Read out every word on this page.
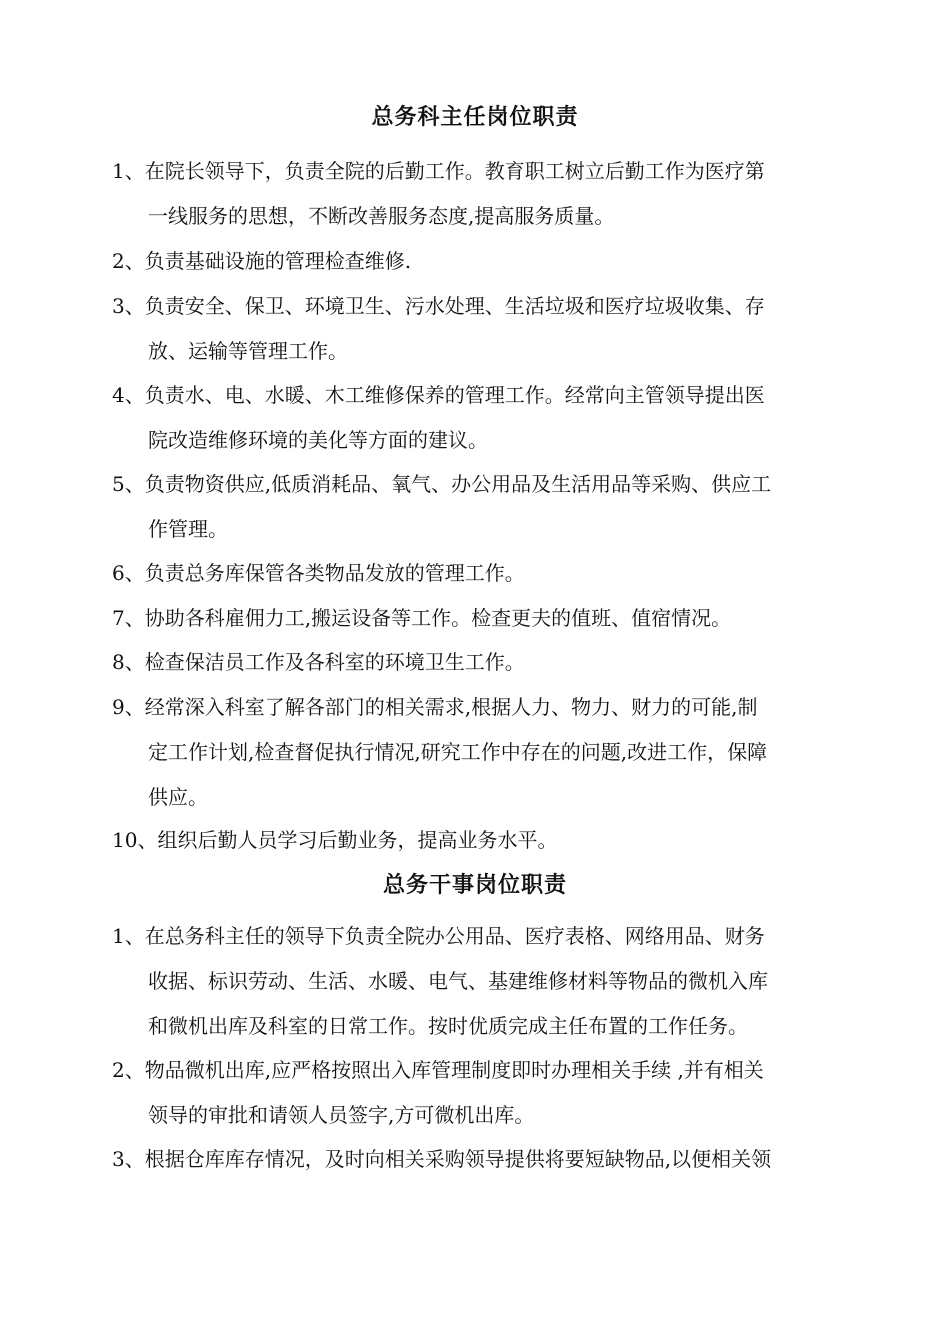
总务科主任岗位职责
1、在院长领导下，负责全院的后勤工作。教育职工树立后勤工作为医疗第
一线服务的思想，不断改善服务态度,提高服务质量。
2、负责基础设施的管理检查维修.
3、负责安全、保卫、环境卫生、污水处理、生活垃圾和医疗垃圾收集、存
放、运输等管理工作。
4、负责水、电、水暖、木工维修保养的管理工作。经常向主管领导提出医
院改造维修环境的美化等方面的建议。
5、负责物资供应,低质消耗品、氧气、办公用品及生活用品等采购、供应工
作管理。
6、负责总务库保管各类物品发放的管理工作。
7、协助各科雇佣力工,搬运设备等工作。检查更夫的值班、值宿情况。
8、检查保洁员工作及各科室的环境卫生工作。
9、经常深入科室了解各部门的相关需求,根据人力、物力、财力的可能,制
定工作计划,检查督促执行情况,研究工作中存在的问题,改进工作，保障
供应。
10、组织后勤人员学习后勤业务，提高业务水平。
总务干事岗位职责
1、在总务科主任的领导下负责全院办公用品、医疗表格、网络用品、财务
收据、标识劳动、生活、水暖、电气、基建维修材料等物品的微机入库
和微机出库及科室的日常工作。按时优质完成主任布置的工作任务。
2、物品微机出库,应严格按照出入库管理制度即时办理相关手续 ,并有相关
领导的审批和请领人员签字,方可微机出库。
3、根据仓库库存情况，及时向相关采购领导提供将要短缺物品,以便相关领
